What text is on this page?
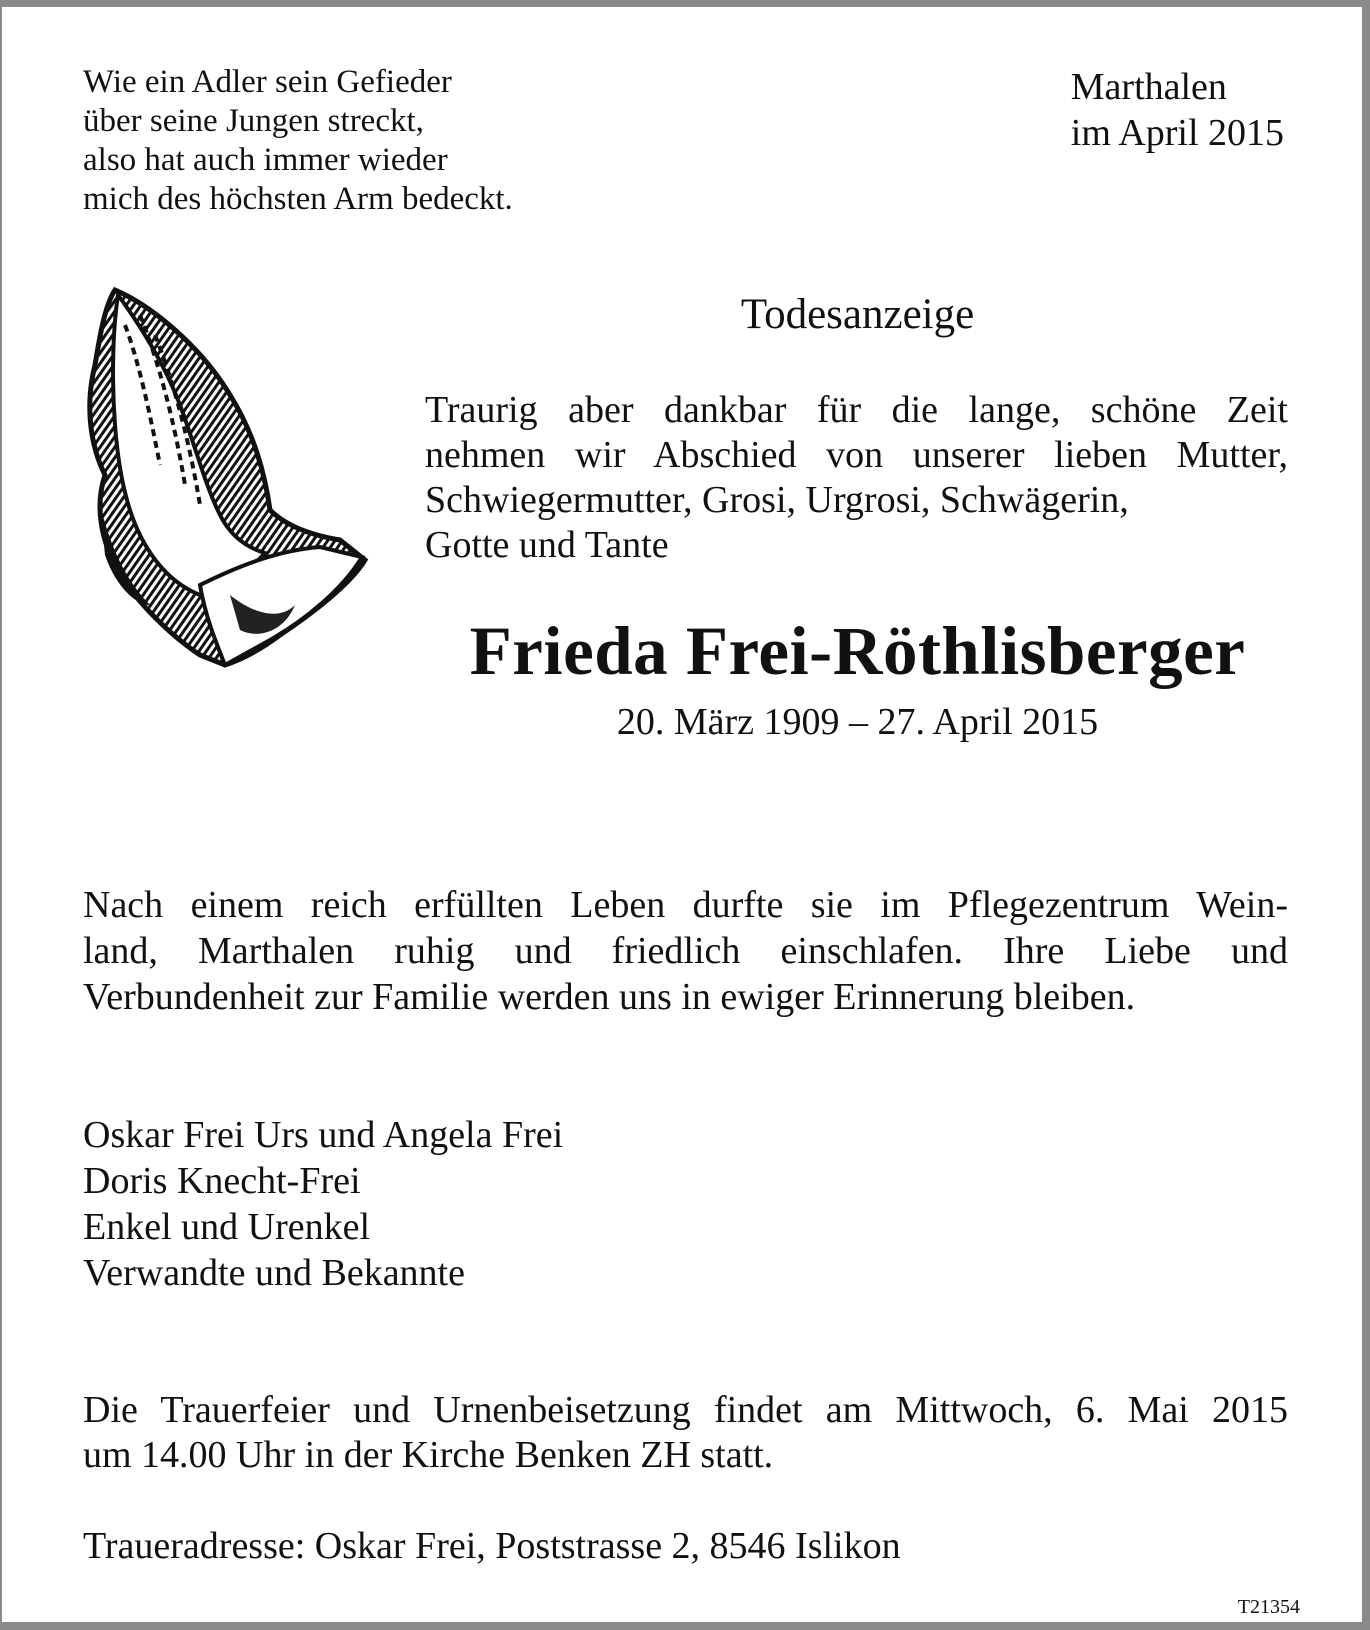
Wie ein Adler sein Gefieder
über seine Jungen streckt,
also hat auch immer wieder
mich des höchsten Arm bedeckt.
Marthalen
im April 2015
Todesanzeige
Traurig aber dankbar für die lange, schöne Zeit
nehmen wir Abschied von unserer lieben Mutter,
Schwiegermutter, Grosi, Urgrosi, Schwägerin,
Gotte und Tante
Frieda Frei-Röthlisberger
20. März 1909 – 27. April 2015
Nach einem reich erfüllten Leben durfte sie im Pflegezentrum Wein-
land, Marthalen ruhig und friedlich einschlafen. Ihre Liebe und
Verbundenheit zur Familie werden uns in ewiger Erinnerung bleiben.
Oskar Frei Urs und Angela Frei
Doris Knecht-Frei
Enkel und Urenkel
Verwandte und Bekannte
Die Trauerfeier und Urnenbeisetzung findet am Mittwoch, 6. Mai 2015
um 14.00 Uhr in der Kirche Benken ZH statt.
Traueradresse: Oskar Frei, Poststrasse 2, 8546 Islikon
T21354
